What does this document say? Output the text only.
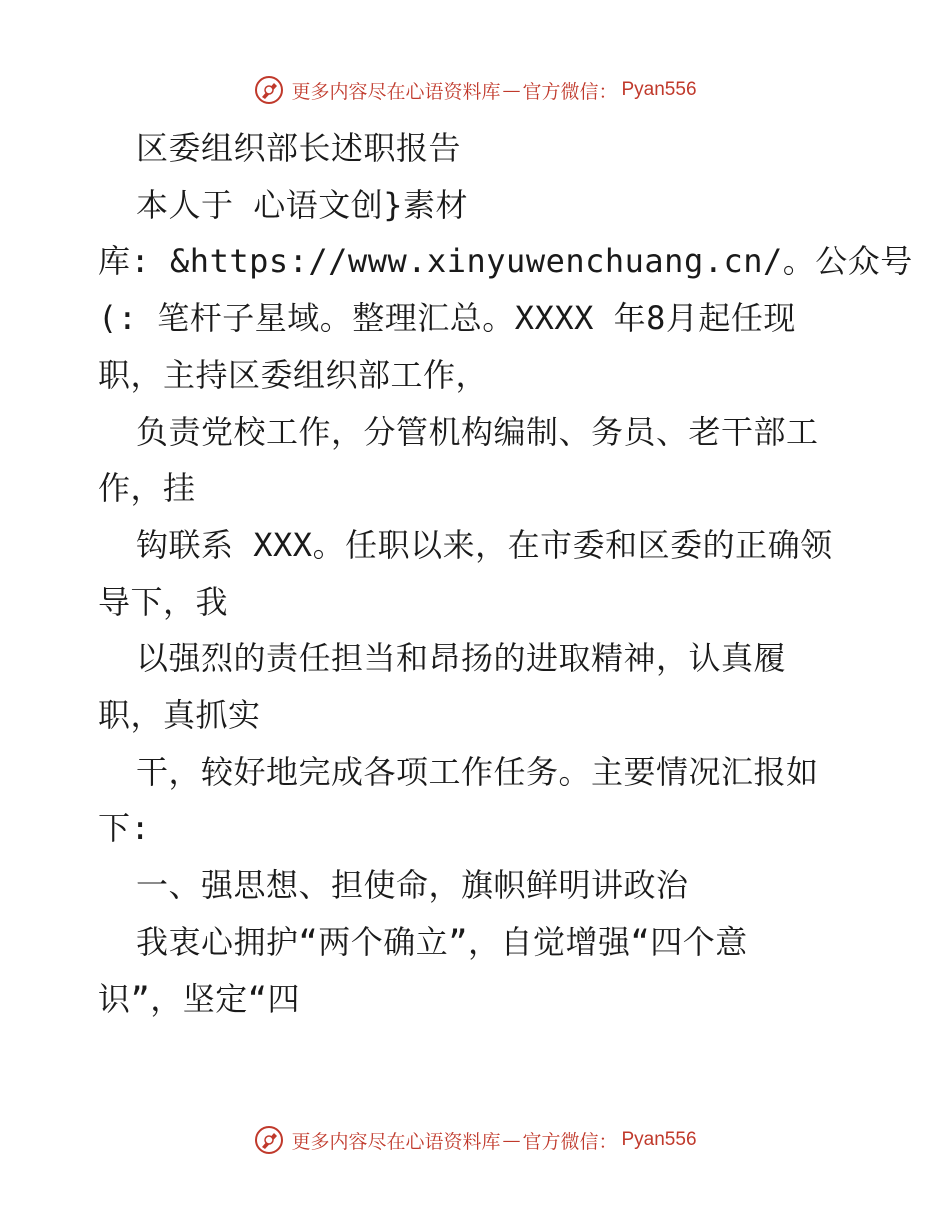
更多内容尽在心语资料库 — 官方微信： Pyan556
区委组织部长述职报告
本人于 心语文创}素材
库: &https://www.xinyuwenchuang.cn/。公众号
(: 笔杆子星域。整理汇总。XXXX 年8月起任现
职，主持区委组织部工作，
负责党校工作，分管机构编制、务员、老干部工
作，挂
钩联系 XXX。任职以来，在市委和区委的正确领
导下，我
以强烈的责任担当和昂扬的进取精神，认真履
职，真抓实
干，较好地完成各项工作任务。主要情况汇报如
下:
一、强思想、担使命，旗帜鲜明讲政治
我衷心拥护“两个确立”，自觉增强“四个意
识”，坚定“四
更多内容尽在心语资料库 — 官方微信： Pyan556
